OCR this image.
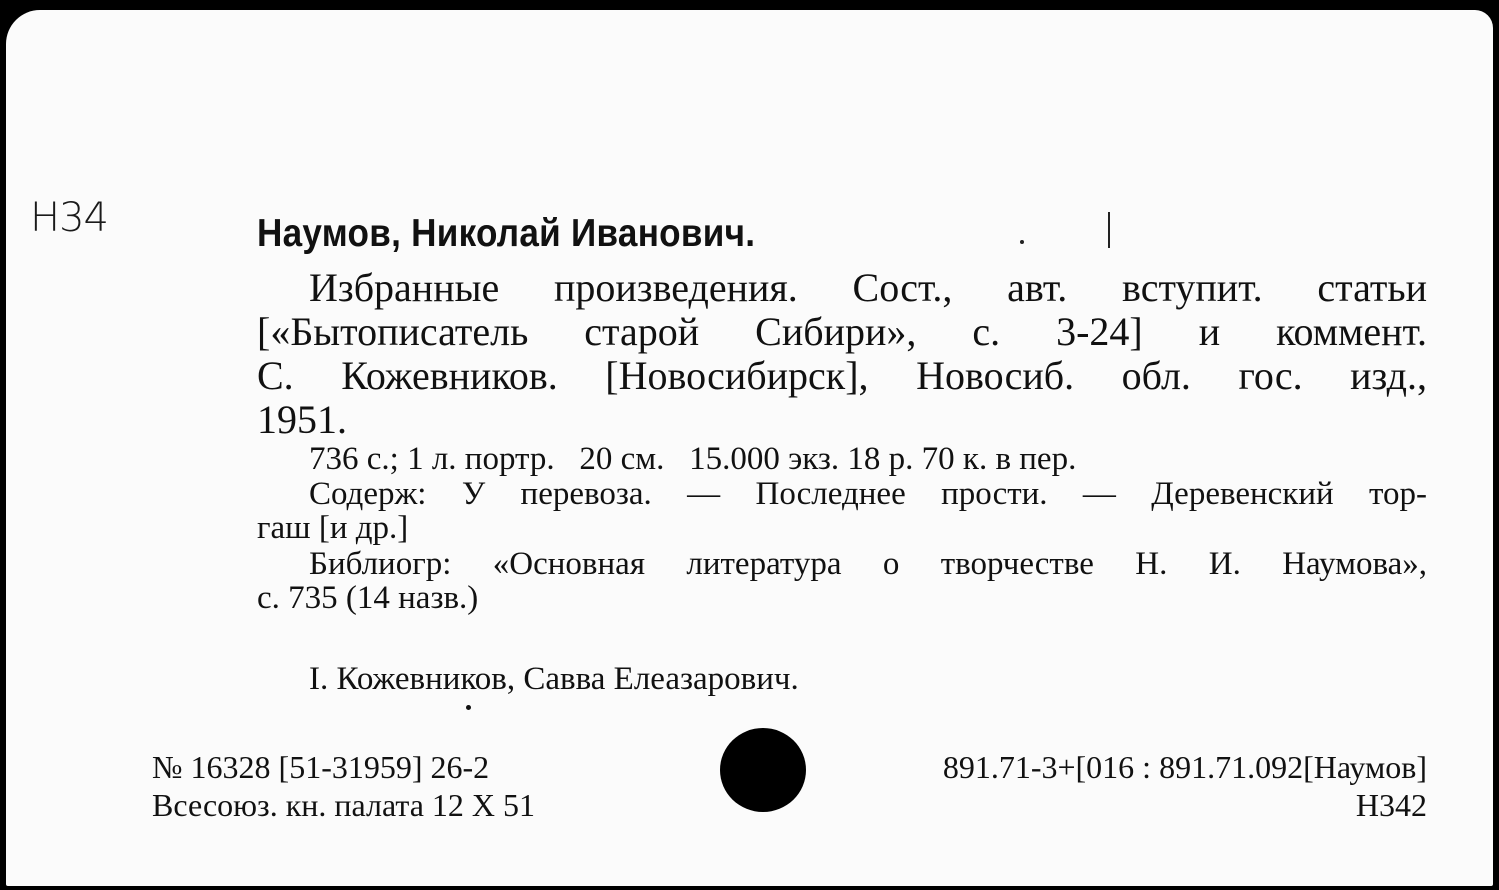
Н34	Наумов, Николай Иванович.
Избранные произведения. Сост., авт. вступит. статьи
[«Бытописатель старой Сибири», с. 3-24] и коммент.
С. Кожевников. [Новосибирск], Новосиб. обл. гос. изд.,
1951.
736 с.; 1 л. портр.   20 см.   15.000 экз. 18 р. 70 к. в пер.
Содерж: У перевоза. — Последнее прости. — Деревенский тор-
гаш [и др.]
Библиогр: «Основная литература о творчестве Н. И. Наумова»,
с. 735 (14 назв.)
I. Кожевников, Савва Елеазарович.
№ 16328 [51-31959] 26-2
Всесоюз. кн. палата 12 X 51
891.71-3+[016 : 891.71.092[Наумов]
Н342
